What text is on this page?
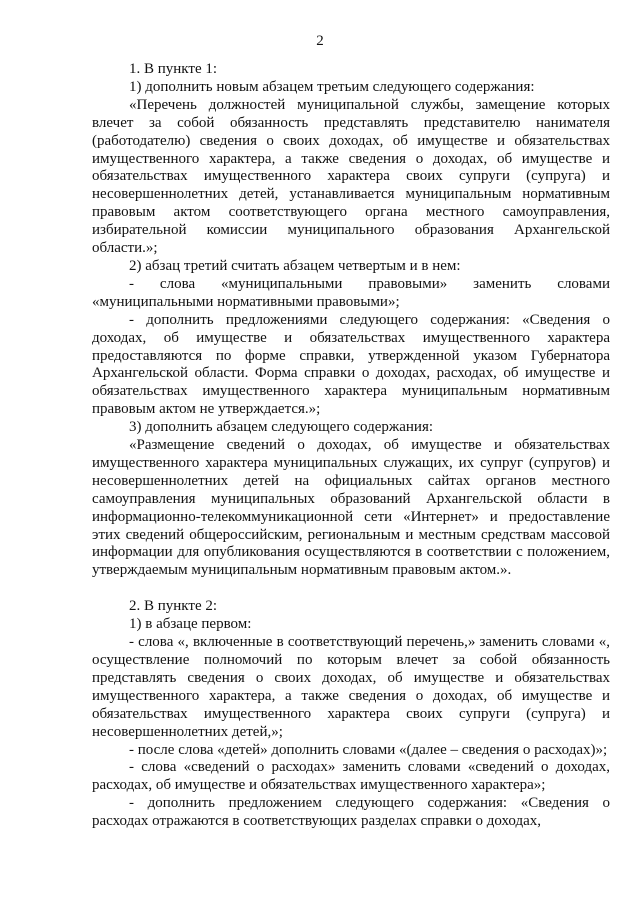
2

1. В пункте 1:

1) дополнить новым абзацем третьим следующего содержания:

«Перечень должностей муниципальной службы, замещение которых влечет за собой обязанность представлять представителю нанимателя (работодателю) сведения о своих доходах, об имуществе и обязательствах имущественного характера, а также сведения о доходах, об имуществе и обязательствах имущественного характера своих супруги (супруга) и несовершеннолетних детей, устанавливается муниципальным нормативным правовым актом соответствующего органа местного самоуправления, избирательной комиссии муниципального образования Архангельской области.»;

2) абзац третий считать абзацем четвертым и в нем:

- слова «муниципальными правовыми» заменить словами «муниципальными нормативными правовыми»;

- дополнить предложениями следующего содержания: «Сведения о доходах, об имуществе и обязательствах имущественного характера предоставляются по форме справки, утвержденной указом Губернатора Архангельской области. Форма справки о доходах, расходах, об имуществе и обязательствах имущественного характера муниципальным нормативным правовым актом не утверждается.»;

3) дополнить абзацем следующего содержания:

«Размещение сведений о доходах, об имуществе и обязательствах имущественного характера муниципальных служащих, их супруг (супругов) и несовершеннолетних детей на официальных сайтах органов местного самоуправления муниципальных образований Архангельской области в информационно-телекоммуникационной сети «Интернет» и предоставление этих сведений общероссийским, региональным и местным средствам массовой информации для опубликования осуществляются в соответствии с положением, утверждаемым муниципальным нормативным правовым актом.».

2. В пункте 2:

1) в абзаце первом:

- слова «, включенные в соответствующий перечень,» заменить словами «, осуществление полномочий по которым влечет за собой обязанность представлять сведения о своих доходах, об имуществе и обязательствах имущественного характера, а также сведения о доходах, об имуществе и обязательствах имущественного характера своих супруги (супруга) и несовершеннолетних детей,»;

- после слова «детей» дополнить словами «(далее – сведения о расходах)»;

- слова «сведений о расходах» заменить словами «сведений о доходах, расходах, об имуществе и обязательствах имущественного характера»;

- дополнить предложением следующего содержания: «Сведения о расходах отражаются в соответствующих разделах справки о доходах,
